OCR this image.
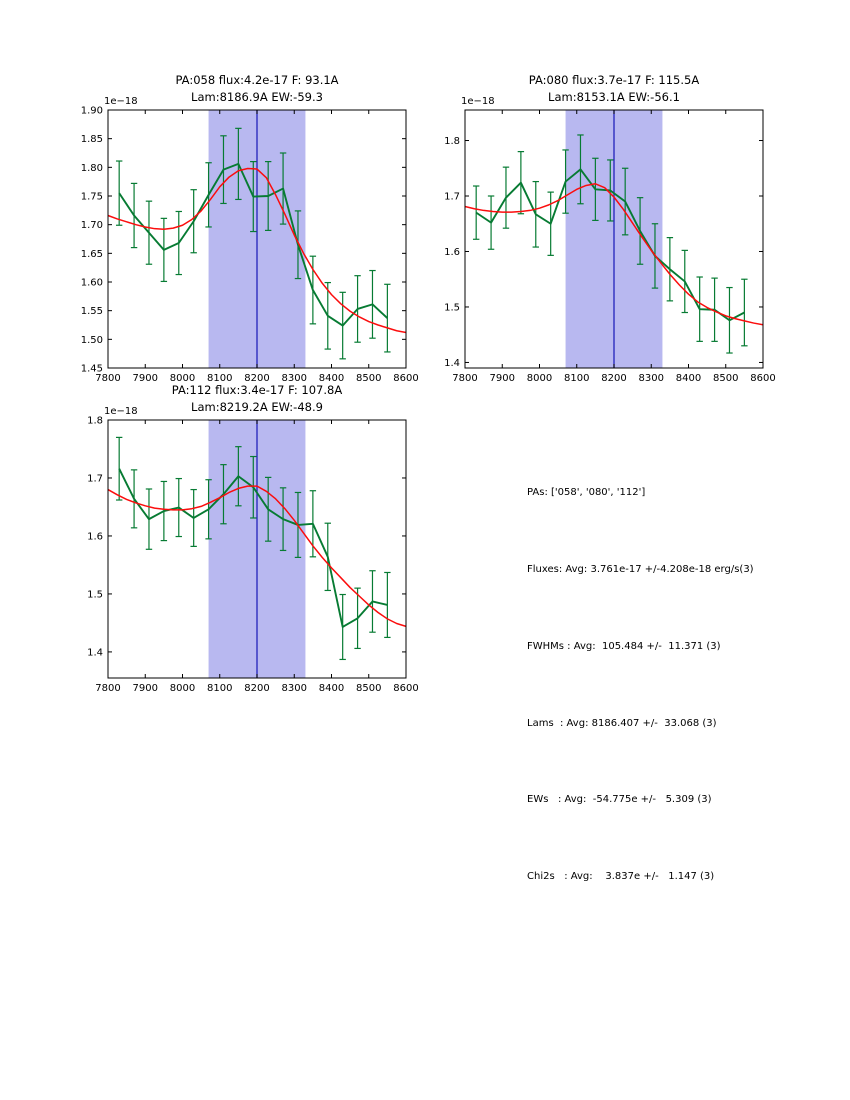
7800 7900 8000 8100 8200 8300 8400 8500 8600
1.45
1.50
1.55
1.60
1.65
1.70
1.75
1.80
1.85
1.90
1e−18
PA:058 flux:4.2e-17 F: 93.1A
Lam:8186.9A EW:-59.3
7800 7900 8000 8100 8200 8300 8400 8500 8600
1.4
1.5
1.6
1.7
1.8
1e−18
PA:080 flux:3.7e-17 F: 115.5A
Lam:8153.1A EW:-56.1
7800 7900 8000 8100 8200 8300 8400 8500 8600
1.4
1.5
1.6
1.7
1.8
1e−18
PA:112 flux:3.4e-17 F: 107.8A
Lam:8219.2A EW:-48.9

PAs: ['058', '080', '112']

Fluxes: Avg: 3.761e-17 +/-4.208e-18 erg/s(3)

FWHMs : Avg:  105.484 +/-  11.371 (3)

Lams  : Avg: 8186.407 +/-  33.068 (3)

EWs   : Avg:  -54.775e +/-   5.309 (3)

Chi2s   : Avg:    3.837e +/-   1.147 (3)
